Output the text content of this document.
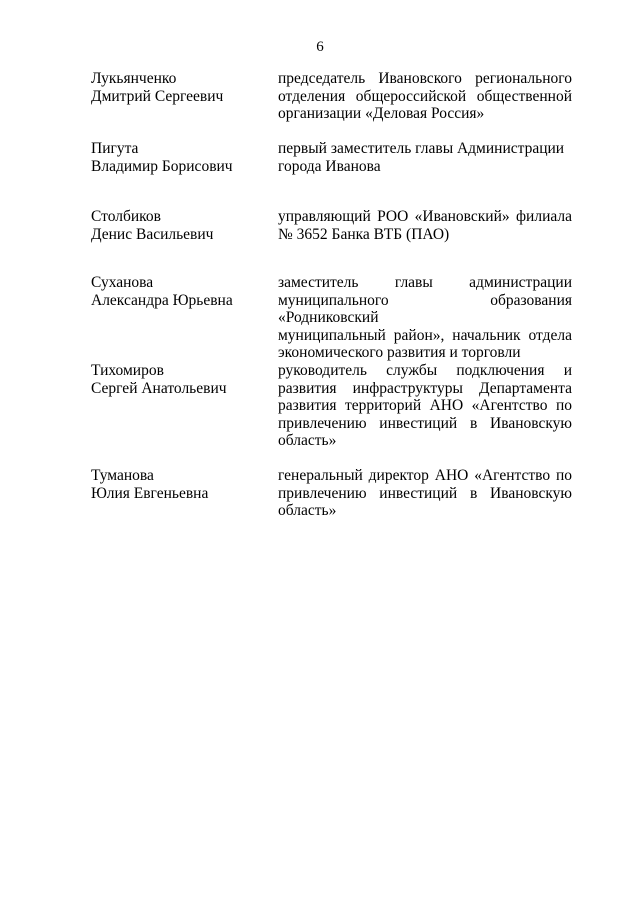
6
Лукьянченко
Дмитрий Сергеевич
председатель Ивановского регионального
отделения общероссийской общественной
организации «Деловая Россия»
Пигута
Владимир Борисович
первый заместитель главы Администрации
города Иванова
Столбиков
Денис Васильевич
управляющий РОО «Ивановский» филиала
№ 3652 Банка ВТБ (ПАО)
Суханова
Александра Юрьевна
заместитель главы администрации
муниципального образования «Родниковский
муниципальный район», начальник отдела
экономического развития и торговли
Тихомиров
Сергей Анатольевич
руководитель службы подключения и
развития инфраструктуры Департамента
развития территорий АНО «Агентство по
привлечению инвестиций в Ивановскую
область»
Туманова
Юлия Евгеньевна
генеральный директор АНО «Агентство по
привлечению инвестиций в Ивановскую
область»
